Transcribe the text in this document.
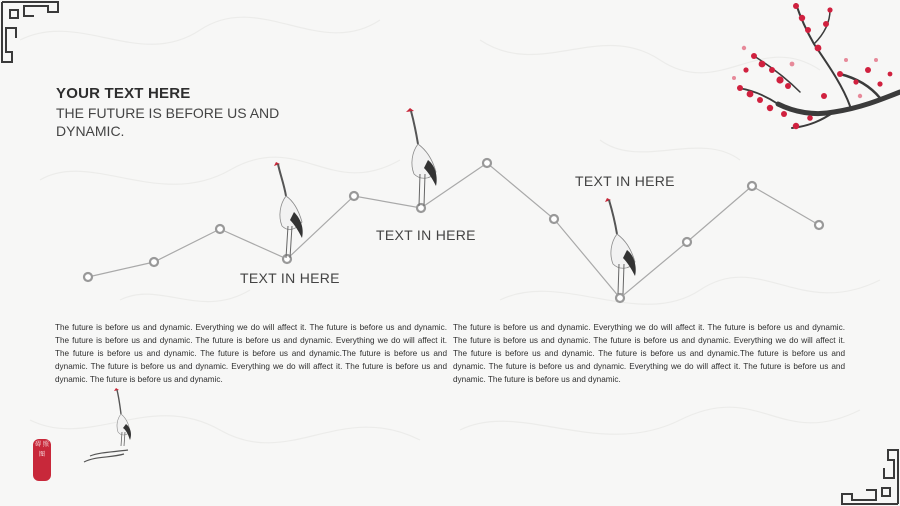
YOUR TEXT HERE
THE FUTURE IS BEFORE US AND DYNAMIC.
TEXT IN HERE
TEXT IN HERE
TEXT IN HERE
The future is before us and dynamic. Everything we do will affect it. The future is before us and dynamic. The future is before us and dynamic. The future is before us and dynamic. Everything we do will affect it. The future is before us and dynamic. The future is before us and dynamic.The future is before us and dynamic. The future is before us and dynamic. Everything we do will affect it. The future is before us and dynamic. The future is before us and dynamic.
The future is before us and dynamic. Everything we do will affect it. The future is before us and dynamic. The future is before us and dynamic. The future is before us and dynamic. Everything we do will affect it. The future is before us and dynamic. The future is before us and dynamic.The future is before us and dynamic. The future is before us and dynamic. Everything we do will affect it. The future is before us and dynamic. The future is before us and dynamic.
碍 照 图
